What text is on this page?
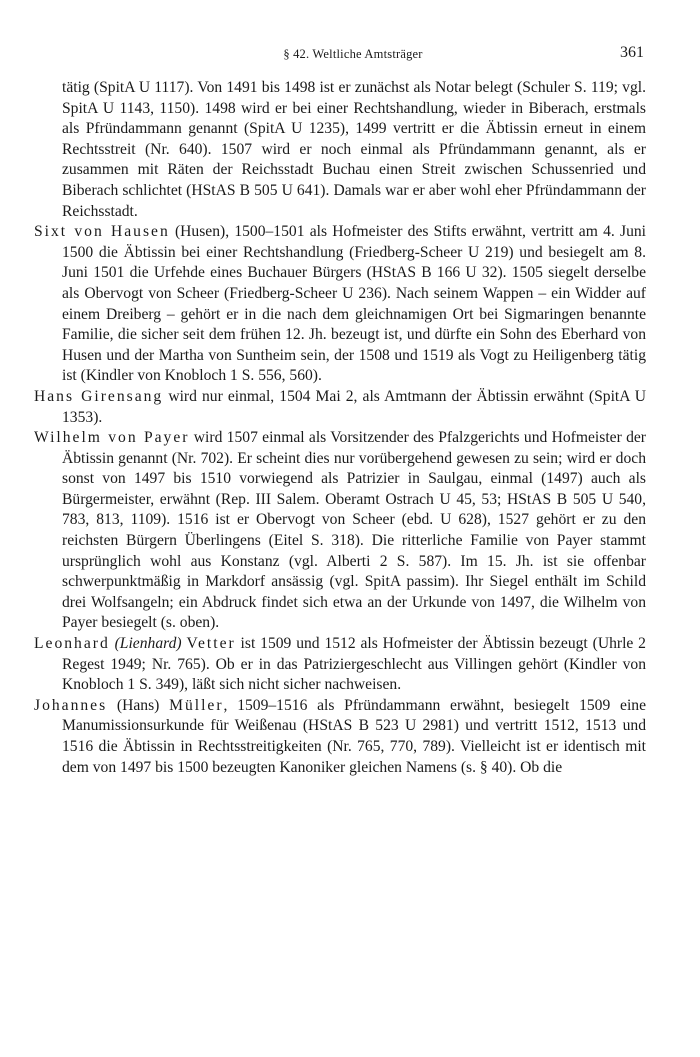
§ 42. Weltliche Amtsträger	361

tätig (SpitA U 1117). Von 1491 bis 1498 ist er zunächst als Notar belegt (Schuler S. 119; vgl. SpitA U 1143, 1150). 1498 wird er bei einer Rechtshandlung, wieder in Biberach, erstmals als Pfründammann genannt (SpitA U 1235), 1499 vertritt er die Äbtissin erneut in einem Rechtsstreit (Nr. 640). 1507 wird er noch einmal als Pfründammann genannt, als er zusammen mit Räten der Reichsstadt Buchau einen Streit zwischen Schussenried und Biberach schlichtet (HStAS B 505 U 641). Damals war er aber wohl eher Pfründammann der Reichsstadt.

Sixt von Hausen (Husen), 1500–1501 als Hofmeister des Stifts erwähnt, vertritt am 4. Juni 1500 die Äbtissin bei einer Rechtshandlung (Friedberg-Scheer U 219) und besiegelt am 8. Juni 1501 die Urfehde eines Buchauer Bürgers (HStAS B 166 U 32). 1505 siegelt derselbe als Obervogt von Scheer (Friedberg-Scheer U 236). Nach seinem Wappen – ein Widder auf einem Dreiberg – gehört er in die nach dem gleichnamigen Ort bei Sigmaringen benannte Familie, die sicher seit dem frühen 12. Jh. bezeugt ist, und dürfte ein Sohn des Eberhard von Husen und der Martha von Suntheim sein, der 1508 und 1519 als Vogt zu Heiligenberg tätig ist (Kindler von Knobloch 1 S. 556, 560).

Hans Girensang wird nur einmal, 1504 Mai 2, als Amtmann der Äbtissin erwähnt (SpitA U 1353).

Wilhelm von Payer wird 1507 einmal als Vorsitzender des Pfalzgerichts und Hofmeister der Äbtissin genannt (Nr. 702). Er scheint dies nur vorübergehend gewesen zu sein; wird er doch sonst von 1497 bis 1510 vorwiegend als Patrizier in Saulgau, einmal (1497) auch als Bürgermeister, erwähnt (Rep. III Salem. Oberamt Ostrach U 45, 53; HStAS B 505 U 540, 783, 813, 1109). 1516 ist er Obervogt von Scheer (ebd. U 628), 1527 gehört er zu den reichsten Bürgern Überlingens (Eitel S. 318). Die ritterliche Familie von Payer stammt ursprünglich wohl aus Konstanz (vgl. Alberti 2 S. 587). Im 15. Jh. ist sie offenbar schwerpunktmäßig in Markdorf ansässig (vgl. SpitA passim). Ihr Siegel enthält im Schild drei Wolfsangeln; ein Abdruck findet sich etwa an der Urkunde von 1497, die Wilhelm von Payer besiegelt (s. oben).

Leonhard (Lienhard) Vetter ist 1509 und 1512 als Hofmeister der Äbtissin bezeugt (Uhrle 2 Regest 1949; Nr. 765). Ob er in das Patriziergeschlecht aus Villingen gehört (Kindler von Knobloch 1 S. 349), läßt sich nicht sicher nachweisen.

Johannes (Hans) Müller, 1509–1516 als Pfründammann erwähnt, besiegelt 1509 eine Manumissionsurkunde für Weißenau (HStAS B 523 U 2981) und vertritt 1512, 1513 und 1516 die Äbtissin in Rechtsstreitigkeiten (Nr. 765, 770, 789). Vielleicht ist er identisch mit dem von 1497 bis 1500 bezeugten Kanoniker gleichen Namens (s. § 40). Ob die
